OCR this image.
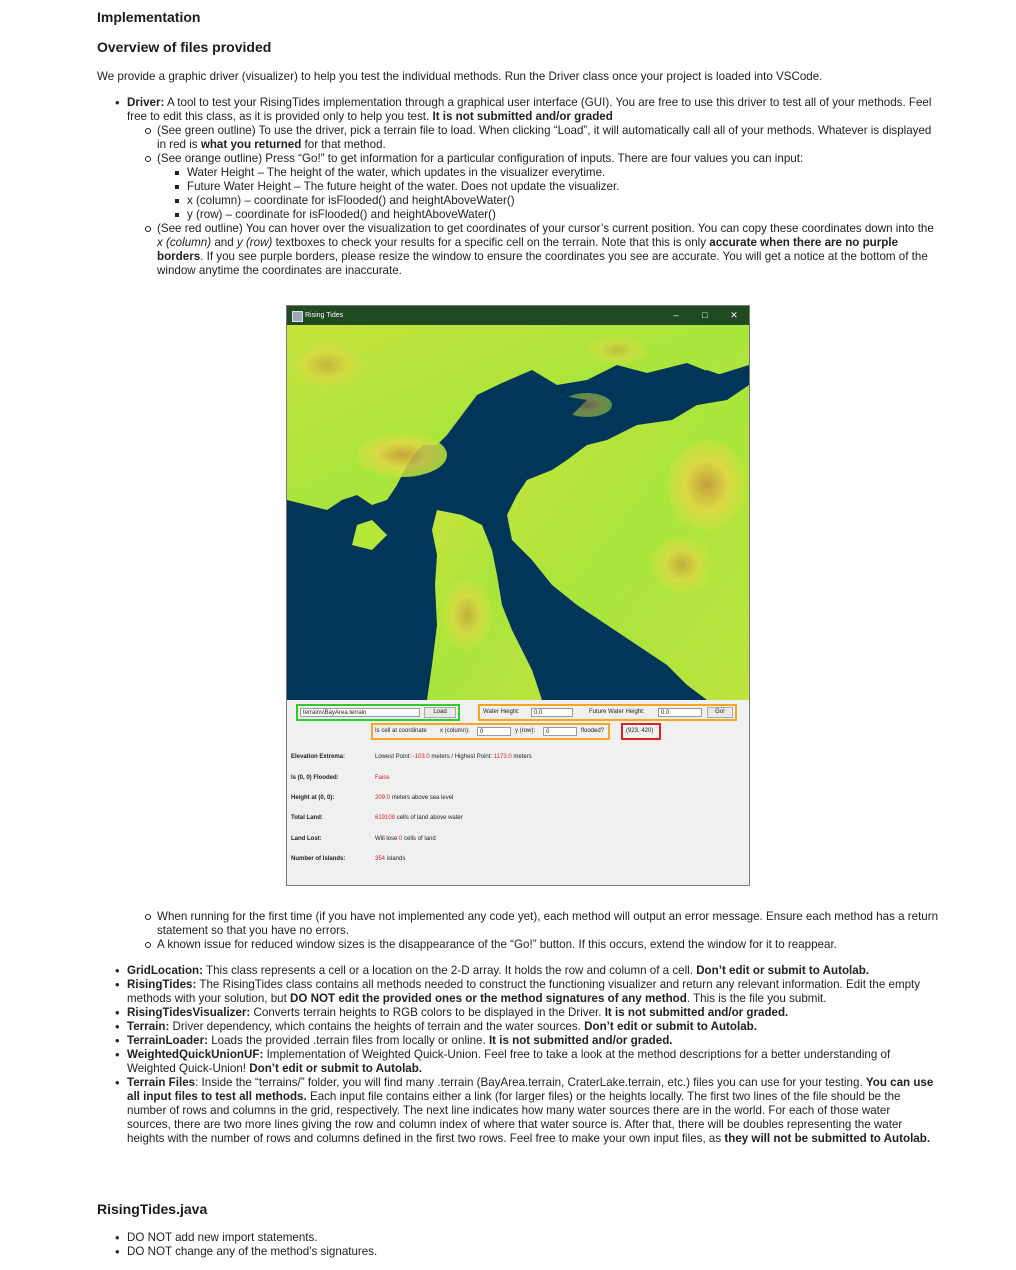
Implementation
Overview of files provided

We provide a graphic driver (visualizer) to help you test the individual methods. Run the Driver class once your project is loaded into VSCode.

• Driver: A tool to test your RisingTides implementation through a graphical user interface (GUI). You are free to use this driver to test all of your methods. Feel free to edit this class, as it is provided only to help you test. It is not submitted and/or graded
(See green outline) To use the driver, pick a terrain file to load. When clicking “Load”, it will automatically call all of your methods. Whatever is displayed in red is what you returned for that method.
(See orange outline) Press “Go!” to get information for a particular configuration of inputs. There are four values you can input:
Water Height – The height of the water, which updates in the visualizer everytime.
Future Water Height – The future height of the water. Does not update the visualizer.
x (column) – coordinate for isFlooded() and heightAboveWater()
y (row) – coordinate for isFlooded() and heightAboveWater()
(See red outline) You can hover over the visualization to get coordinates of your cursor’s current position. You can copy these coordinates down into the x (column) and y (row) textboxes to check your results for a specific cell on the terrain. Note that this is only accurate when there are no purple borders. If you see purple borders, please resize the window to ensure the coordinates you see are accurate. You will get a notice at the bottom of the window anytime the coordinates are inaccurate.
When running for the first time (if you have not implemented any code yet), each method will output an error message. Ensure each method has a return statement so that you have no errors.
A known issue for reduced window sizes is the disappearance of the “Go!” button. If this occurs, extend the window for it to reappear.
• GridLocation: This class represents a cell or a location on the 2-D array. It holds the row and column of a cell. Don’t edit or submit to Autolab.
• RisingTides: The RisingTides class contains all methods needed to construct the functioning visualizer and return any relevant information. Edit the empty methods with your solution, but DO NOT edit the provided ones or the method signatures of any method. This is the file you submit.
• RisingTidesVisualizer: Converts terrain heights to RGB colors to be displayed in the Driver. It is not submitted and/or graded.
• Terrain: Driver dependency, which contains the heights of terrain and the water sources. Don’t edit or submit to Autolab.
• TerrainLoader: Loads the provided .terrain files from locally or online. It is not submitted and/or graded.
• WeightedQuickUnionUF: Implementation of Weighted Quick-Union. Feel free to take a look at the method descriptions for a better understanding of Weighted Quick-Union! Don’t edit or submit to Autolab.
• Terrain Files: Inside the “terrains/” folder, you will find many .terrain (BayArea.terrain, CraterLake.terrain, etc.) files you can use for your testing. You can use all input files to test all methods. Each input file contains either a link (for larger files) or the heights locally. The first two lines of the file should be the number of rows and columns in the grid, respectively. The next line indicates how many water sources there are in the world. For each of those water sources, there are two more lines giving the row and column index of where that water source is. After that, there will be doubles representing the water heights with the number of rows and columns defined in the first two rows. Feel free to make your own input files, as they will not be submitted to Autolab.
RisingTides.java
• DO NOT add new import statements.
• DO NOT change any of the method’s signatures.
Rising Tides	–	□	✕
terrains\BayArea.terrain	Load	Water Height:	0.0	Future Water Height:	0.0	Go!
Is cell at coordinate x (column):	0	y (row):	0	flooded?	(923, 420)
Elevation Extrema:	Lowest Point: -103.0 meters / Highest Point: 1173.0 meters
Is (0, 0) Flooded:	False
Height at (0, 0):	209.0 meters above sea level
Total Land:	619108 cells of land above water
Land Lost:	Will lose 0 cells of land
Number of Islands:	354 islands
